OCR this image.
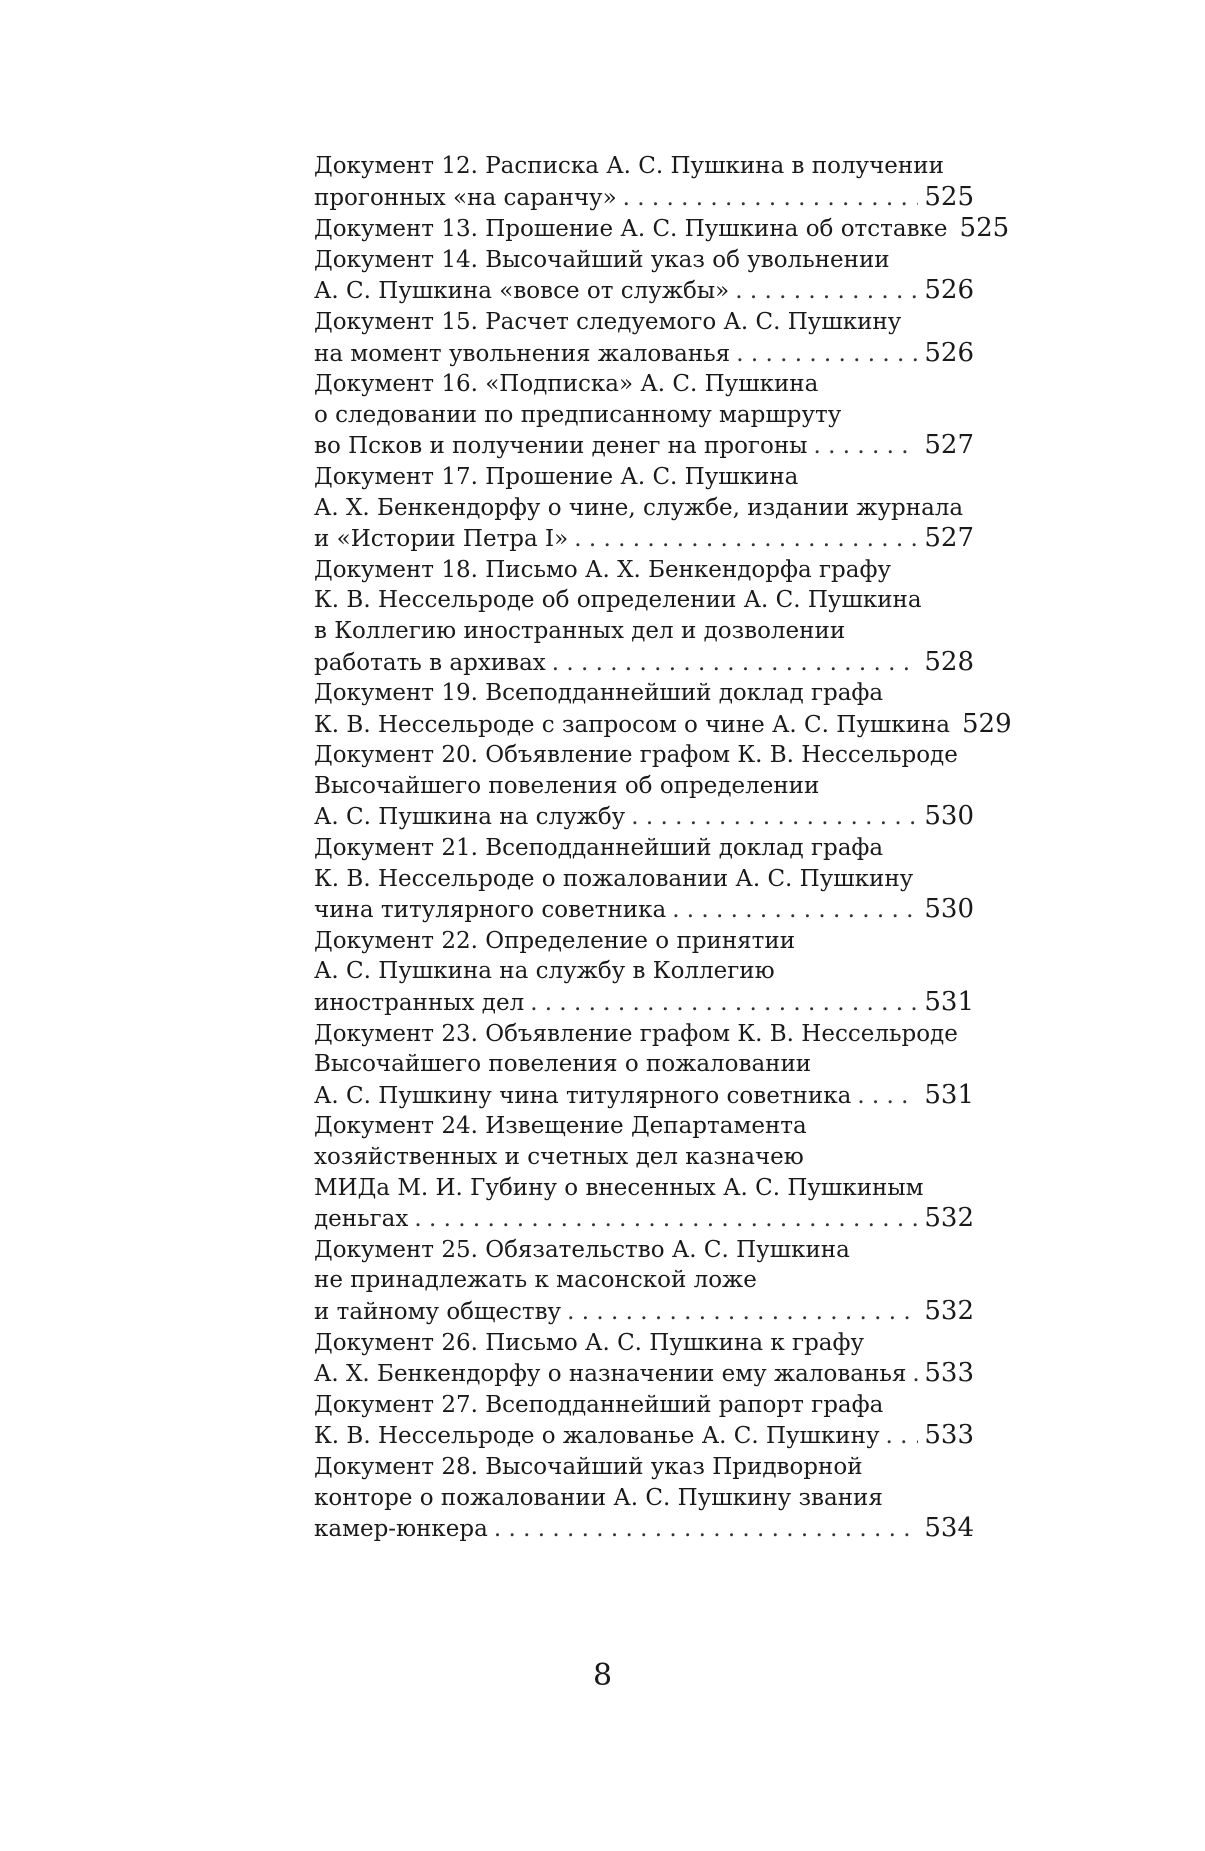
Документ 12. Расписка А. С. Пушкина в получении
прогонных «на саранчу» . . .	525
Документ 13. Прошение А. С. Пушкина об отставке 525
Документ 14. Высочайший указ об увольнении
А. С. Пушкина «вовсе от службы» . . .	526
Документ 15. Расчет следуемого А. С. Пушкину
на момент увольнения жалованья . . .	526
Документ 16. «Подписка» А. С. Пушкина
о следовании по предписанному маршруту
во Псков и получении денег на прогоны . . .	527
Документ 17. Прошение А. С. Пушкина
А. Х. Бенкендорфу о чине, службе, издании журнала
и «Истории Петра I» . . .	527
Документ 18. Письмо А. Х. Бенкендорфа графу
К. В. Нессельроде об определении А. С. Пушкина
в Коллегию иностранных дел и дозволении
работать в архивах . . .	528
Документ 19. Всеподданнейший доклад графа
К. В. Нессельроде с запросом о чине А. С. Пушкина 529
Документ 20. Объявление графом К. В. Нессельроде
Высочайшего повеления об определении
А. С. Пушкина на службу . . .	530
Документ 21. Всеподданнейший доклад графа
К. В. Нессельроде о пожаловании А. С. Пушкину
чина титулярного советника . . .	530
Документ 22. Определение о принятии
А. С. Пушкина на службу в Коллегию
иностранных дел . . .	531
Документ 23. Объявление графом К. В. Нессельроде
Высочайшего повеления о пожаловании
А. С. Пушкину чина титулярного советника . . .	531
Документ 24. Извещение Департамента
хозяйственных и счетных дел казначею
МИДа М. И. Губину о внесенных А. С. Пушкиным
деньгах . . .	532
Документ 25. Обязательство А. С. Пушкина
не принадлежать к масонской ложе
и тайному обществу . . .	532
Документ 26. Письмо А. С. Пушкина к графу
А. Х. Бенкендорфу о назначении ему жалованья . . . 533
Документ 27. Всеподданнейший рапорт графа
К. В. Нессельроде о жалованье А. С. Пушкину . . . 533
Документ 28. Высочайший указ Придворной
конторе о пожаловании А. С. Пушкину звания
камер-юнкера . . .	534
8
